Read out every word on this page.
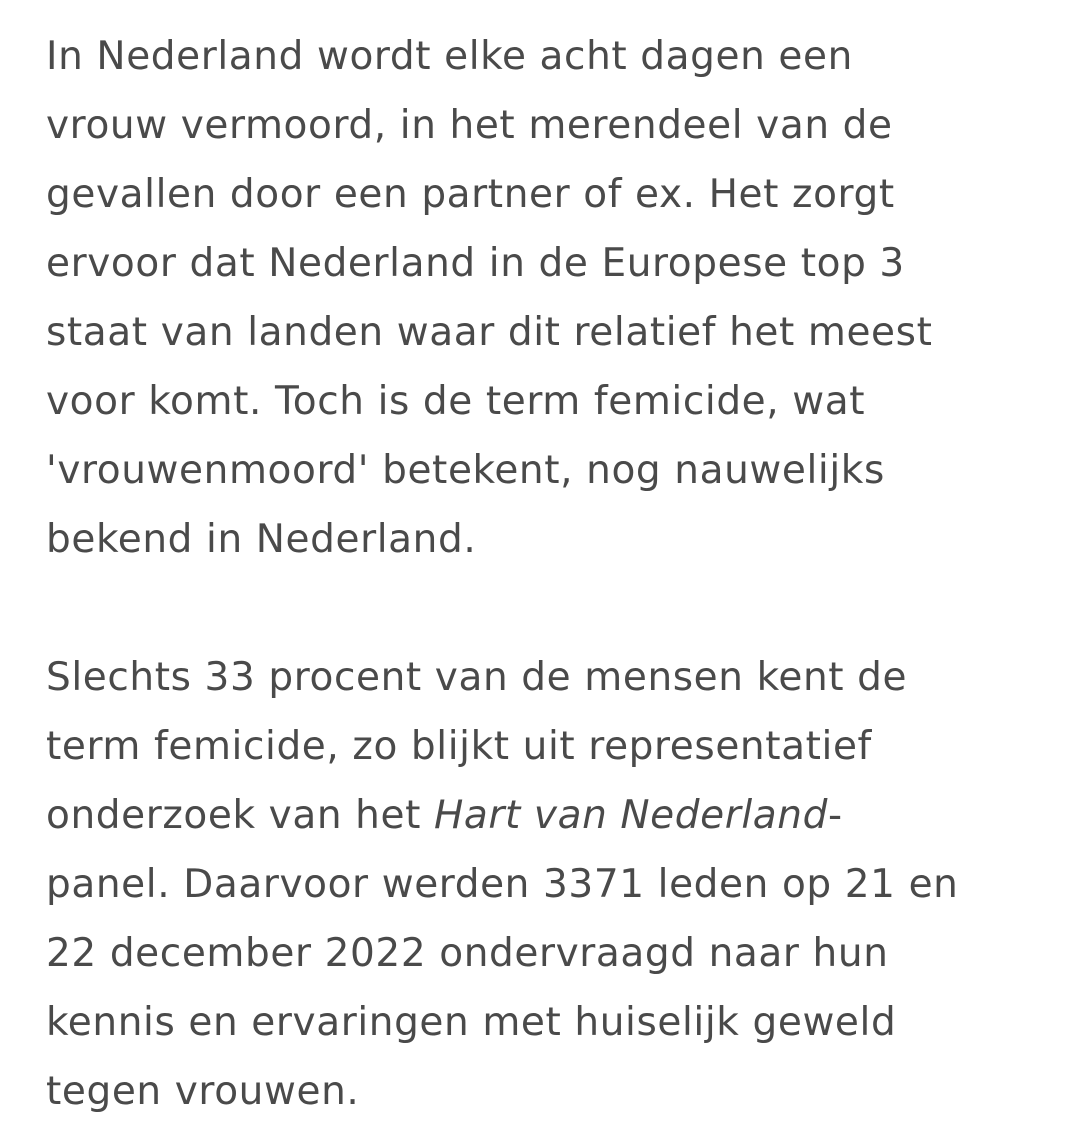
In Nederland wordt elke acht dagen een
vrouw vermoord, in het merendeel van de
gevallen door een partner of ex. Het zorgt
ervoor dat Nederland in de Europese top 3
staat van landen waar dit relatief het meest
voor komt. Toch is de term femicide, wat
'vrouwenmoord' betekent, nog nauwelijks
bekend in Nederland.

Slechts 33 procent van de mensen kent de
term femicide, zo blijkt uit representatief
onderzoek van het Hart van Nederland-
panel. Daarvoor werden 3371 leden op 21 en
22 december 2022 ondervraagd naar hun
kennis en ervaringen met huiselijk geweld
tegen vrouwen.
